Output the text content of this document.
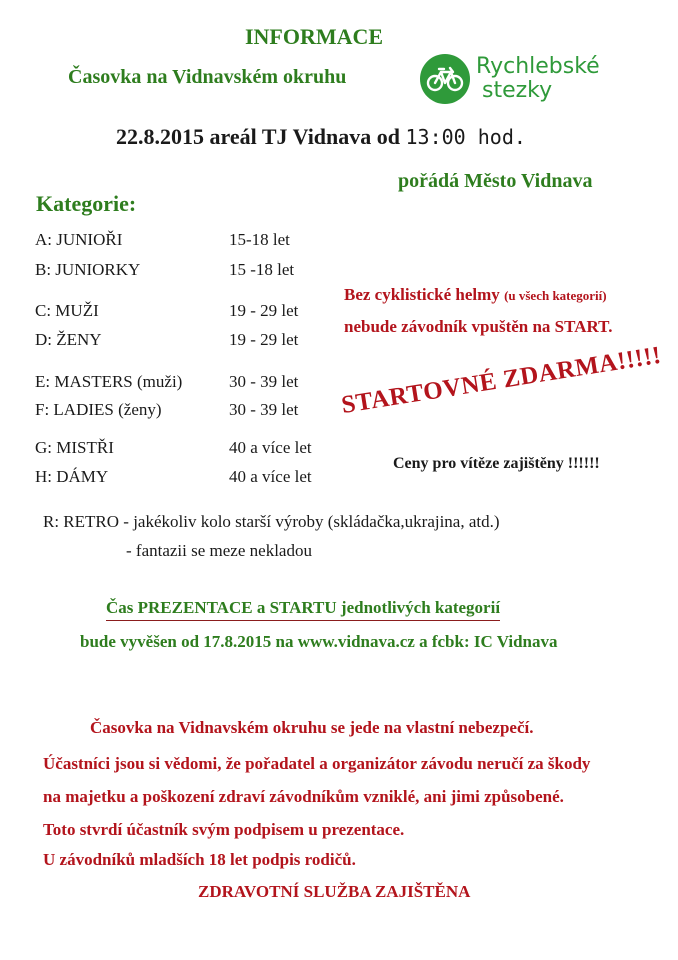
INFORMACE
Časovka na Vidnavském okruhu	Rychlebské
stezky
22.8.2015 areál TJ Vidnava od 13:00 hod.
pořádá Město Vidnava
Kategorie:
A: JUNIOŘI	15-18 let
B: JUNIORKY	15 -18 let
C: MUŽI	19 - 29 let
D: ŽENY	19 - 29 let
E: MASTERS (muži)	30 - 39 let
F: LADIES (ženy)	30 - 39 let
G: MISTŘI	40 a více let
H: DÁMY	40 a více let
Bez cyklistické helmy (u všech kategorií)
nebude závodník vpuštěn na START.
STARTOVNÉ ZDARMA!!!!!
Ceny pro vítěze zajištěny !!!!!!
R: RETRO - jakékoliv kolo starší výroby (skládačka,ukrajina, atd.)
- fantazii se meze nekladou
Čas PREZENTACE a STARTU jednotlivých kategorií
bude vyvěšen od 17.8.2015 na www.vidnava.cz a fcbk: IC Vidnava
Časovka na Vidnavském okruhu se jede na vlastní nebezpečí.
Účastníci jsou si vědomi, že pořadatel a organizátor závodu neručí za škody
na majetku a poškození zdraví závodníkům vzniklé, ani jimi způsobené.
Toto stvrdí účastník svým podpisem u prezentace.
U závodníků mladších 18 let podpis rodičů.
ZDRAVOTNÍ SLUŽBA ZAJIŠTĚNA
